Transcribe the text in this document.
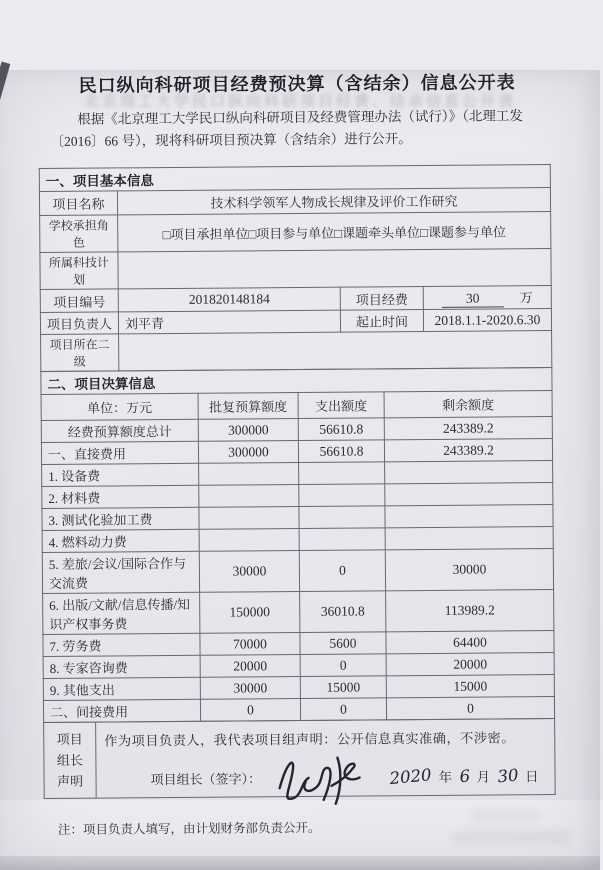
北京理工大学民口纵向科研项目经费、结余信息公开表
民口纵向科研项目经费预决算（含结余）信息公开表

根据《北京理工大学民口纵向科研项目及经费管理办法（试行）》（北理工发
〔2016〕66 号），现将科研项目预决算（含结余）进行公开。

一、项目基本信息			
项目名称	技术科学领军人物成长规律及评价工作研究		
学校承担角色	□项目承担单位□项目参与单位□课题牵头单位□课题参与单位		
所属科技计划			
项目编号	201820148184	项目经费	30 万
项目负责人	刘平青	起止时间	2018.1.1-2020.6.30
项目所在二级			
二、项目决算信息			
单位：万元	批复预算额度	支出额度	剩余额度
经费预算额度总计	300000	56610.8	243389.2
一、直接费用	300000	56610.8	243389.2
1. 设备费			
2. 材料费			
3. 测试化验加工费			
4. 燃料动力费			
5. 差旅/会议/国际合作与交流费	30000	0	30000
6. 出版/文献/信息传播/知识产权事务费	150000	36010.8	113989.2
7. 劳务费	70000	5600	64400
8. 专家咨询费	20000	0	20000
9. 其他支出	30000	15000	15000
二、间接费用	0	0	0
项目
组长
声明

作为项目负责人，我代表项目组声明：公开信息真实准确，不涉密。
项目组长（签字）：	2020 年 6 月 30 日
注：项目负责人填写，由计划财务部负责公开。
